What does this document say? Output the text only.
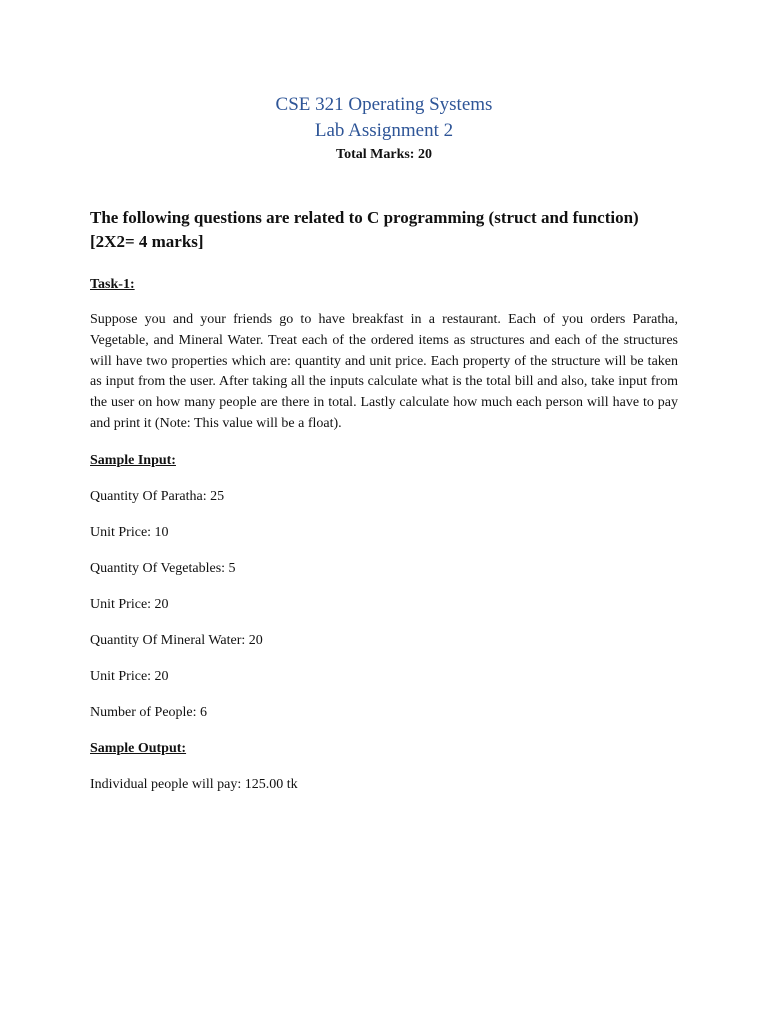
CSE 321 Operating Systems
Lab Assignment 2
Total Marks: 20

The following questions are related to C programming (struct and function) [2X2= 4 marks]

Task-1:
Suppose you and your friends go to have breakfast in a restaurant. Each of you orders Paratha, Vegetable, and Mineral Water. Treat each of the ordered items as structures and each of the structures will have two properties which are: quantity and unit price. Each property of the structure will be taken as input from the user. After taking all the inputs calculate what is the total bill and also, take input from the user on how many people are there in total. Lastly calculate how much each person will have to pay and print it (Note: This value will be a float).
Sample Input:
Quantity Of Paratha: 25
Unit Price: 10
Quantity Of Vegetables: 5
Unit Price: 20
Quantity Of Mineral Water: 20
Unit Price: 20
Number of People: 6
Sample Output:
Individual people will pay: 125.00 tk
